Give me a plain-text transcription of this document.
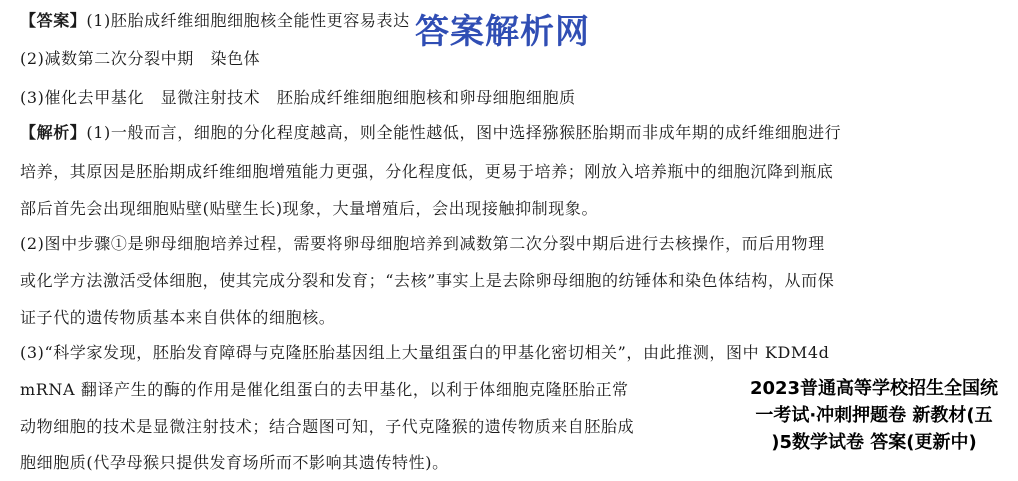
【答案】(1)胚胎成纤维细胞细胞核全能性更容易表达
(2)减数第二次分裂中期　染色体
(3)催化去甲基化　显微注射技术　胚胎成纤维细胞细胞核和卵母细胞细胞质
【解析】(1)一般而言，细胞的分化程度越高，则全能性越低，图中选择猕猴胚胎期而非成年期的成纤维细胞进行
培养，其原因是胚胎期成纤维细胞增殖能力更强，分化程度低，更易于培养；刚放入培养瓶中的细胞沉降到瓶底
部后首先会出现细胞贴壁(贴壁生长)现象，大量增殖后，会出现接触抑制现象。
(2)图中步骤①是卵母细胞培养过程，需要将卵母细胞培养到减数第二次分裂中期后进行去核操作，而后用物理
或化学方法激活受体细胞，使其完成分裂和发育；“去核”事实上是去除卵母细胞的纺锤体和染色体结构，从而保
证子代的遗传物质基本来自供体的细胞核。
(3)“科学家发现，胚胎发育障碍与克隆胚胎基因组上大量组蛋白的甲基化密切相关”，由此推测，图中 KDM4d
mRNA 翻译产生的酶的作用是催化组蛋白的去甲基化，以利于体细胞克隆胚胎正常
动物细胞的技术是显微注射技术；结合题图可知，子代克隆猴的遗传物质来自胚胎成
胞细胞质(代孕母猴只提供发育场所而不影响其遗传特性)。
答案解析网
2023普通高等学校招生全国统
一考试·冲刺押题卷 新教材(五
)5数学试卷 答案(更新中)
